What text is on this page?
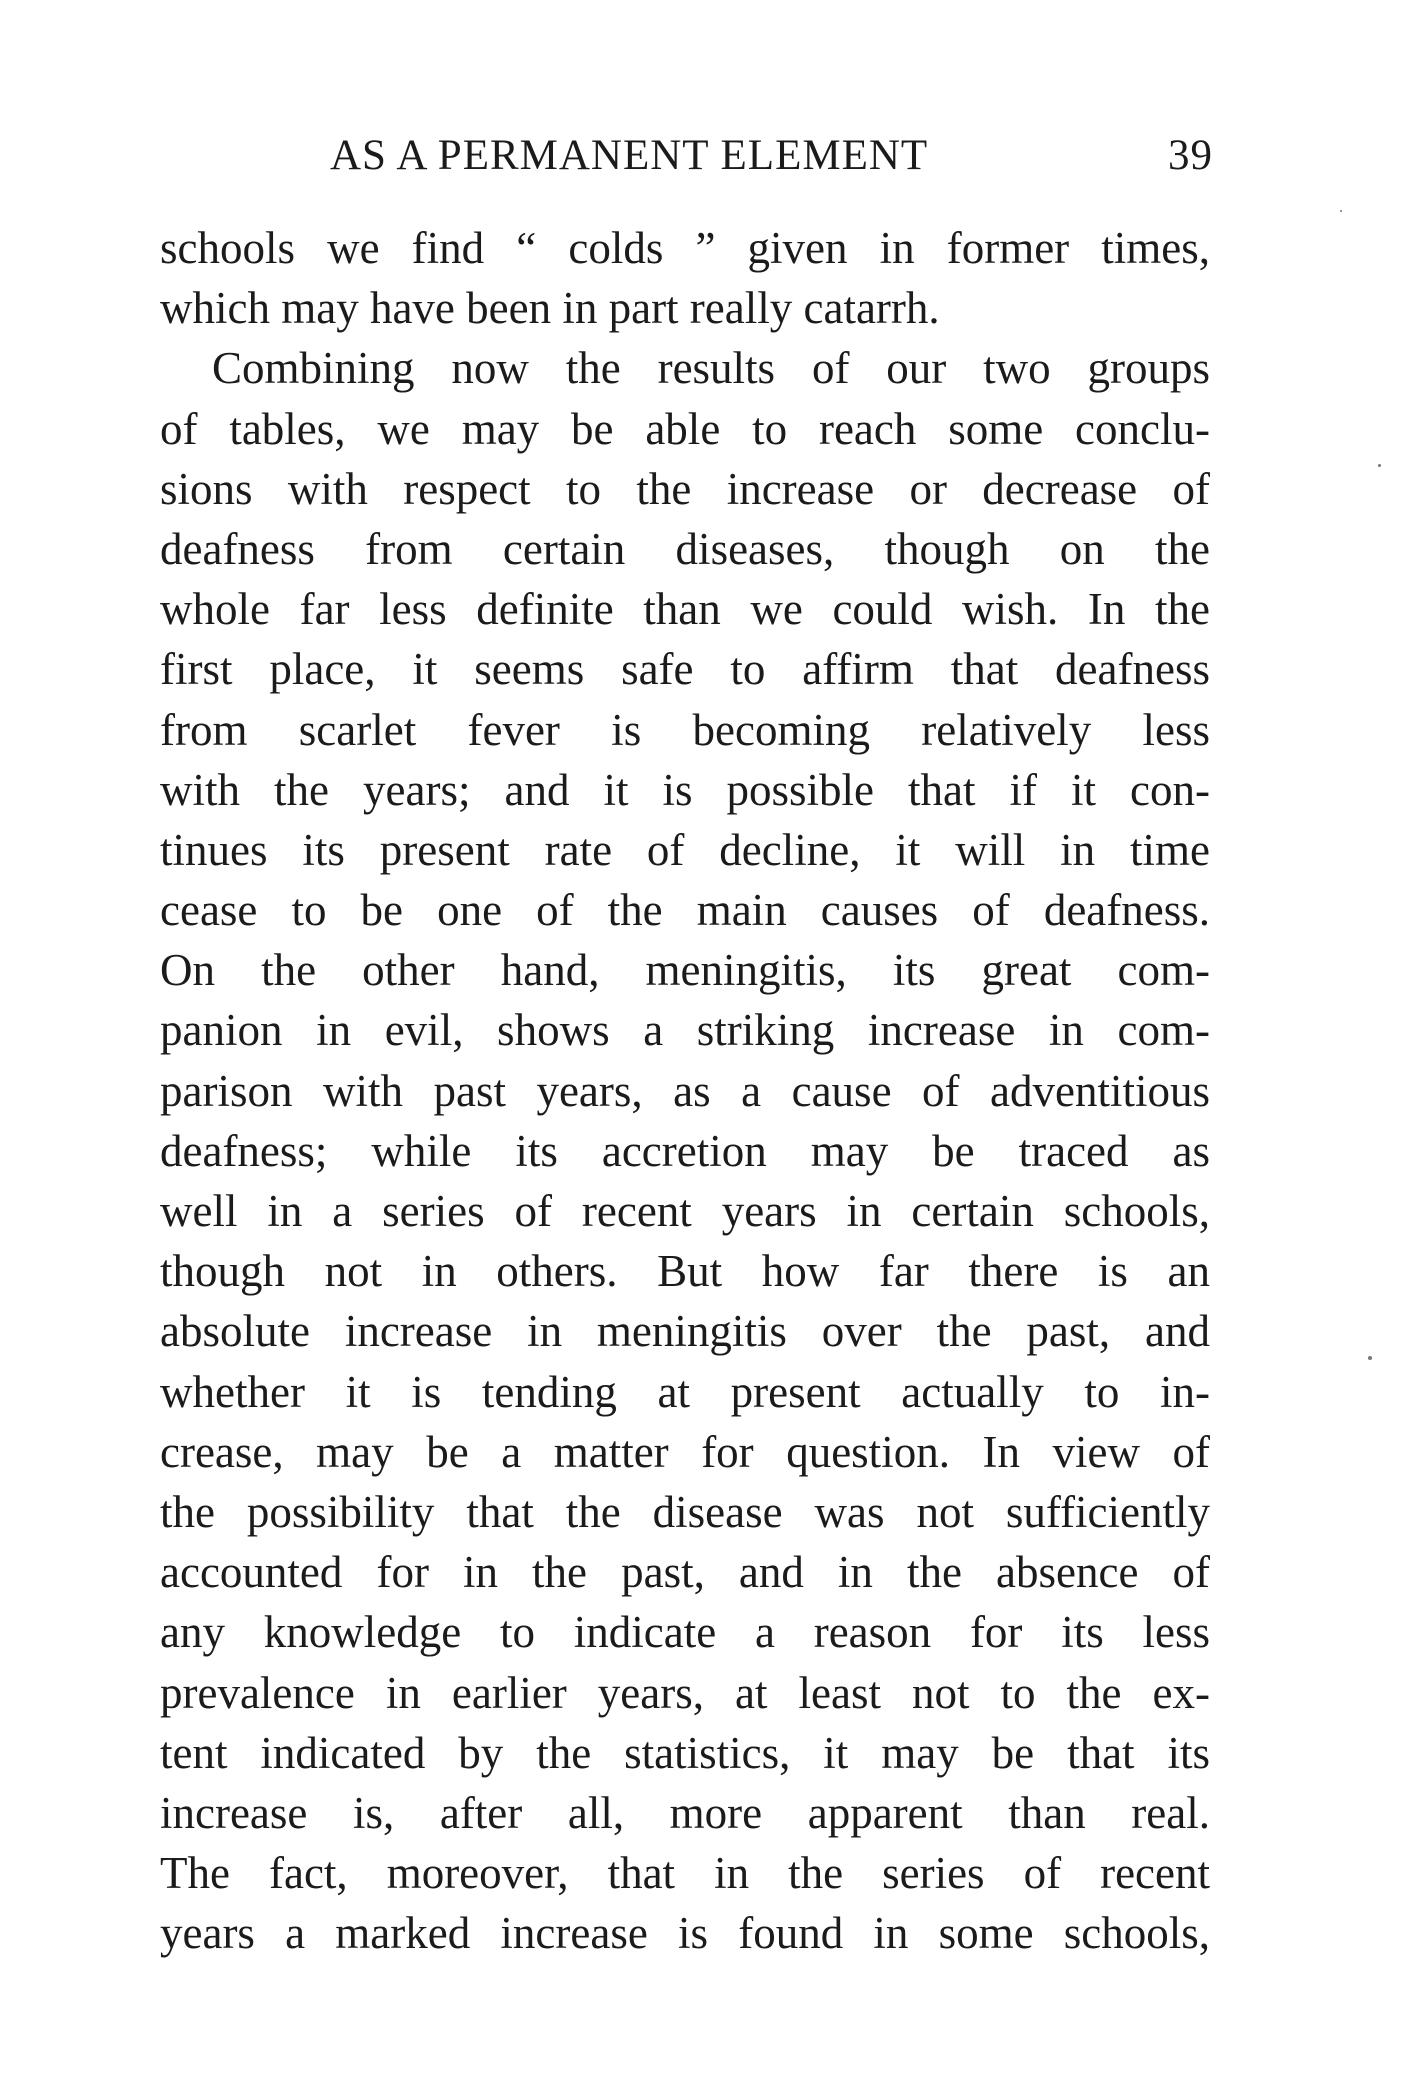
AS A PERMANENT ELEMENT	39
schools we find “ colds ” given in former times,
which may have been in part really catarrh.
Combining now the results of our two groups
of tables, we may be able to reach some conclu-
sions with respect to the increase or decrease of
deafness from certain diseases, though on the
whole far less definite than we could wish. In the
first place, it seems safe to affirm that deafness
from scarlet fever is becoming relatively less
with the years; and it is possible that if it con-
tinues its present rate of decline, it will in time
cease to be one of the main causes of deafness.
On the other hand, meningitis, its great com-
panion in evil, shows a striking increase in com-
parison with past years, as a cause of adventitious
deafness; while its accretion may be traced as
well in a series of recent years in certain schools,
though not in others. But how far there is an
absolute increase in meningitis over the past, and
whether it is tending at present actually to in-
crease, may be a matter for question. In view of
the possibility that the disease was not sufficiently
accounted for in the past, and in the absence of
any knowledge to indicate a reason for its less
prevalence in earlier years, at least not to the ex-
tent indicated by the statistics, it may be that its
increase is, after all, more apparent than real.
The fact, moreover, that in the series of recent
years a marked increase is found in some schools,
